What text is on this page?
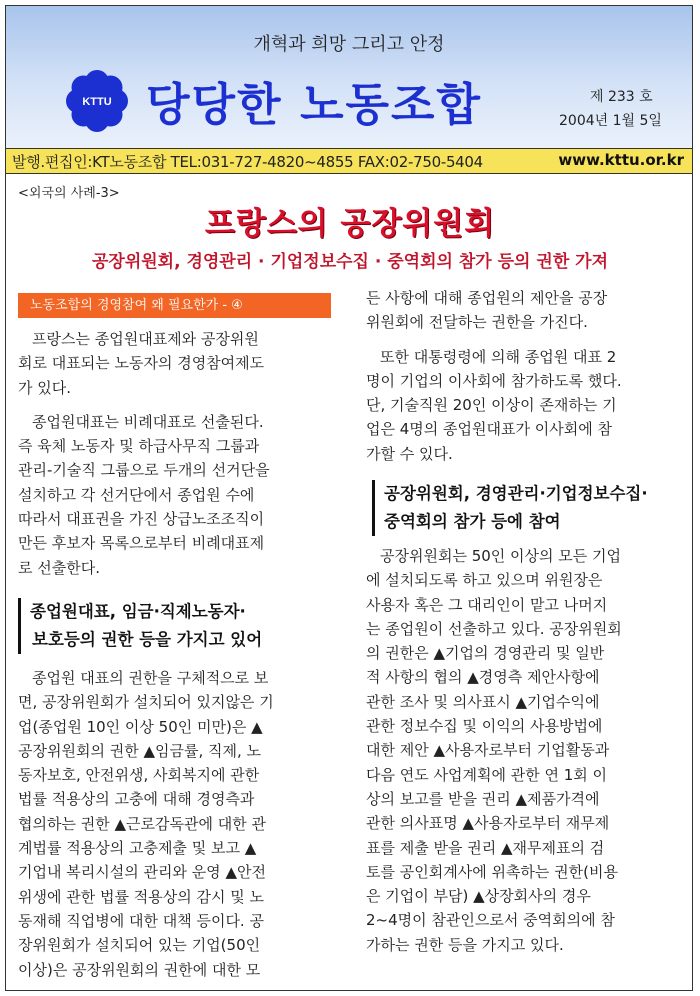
개혁과 희망 그리고 안정
KTTU 당당한 노동조합	제 233 호
2004년 1월 5일
발행.편집인:KT노동조합 TEL:031-727-4820~4855 FAX:02-750-5404	www.kttu.or.kr
<외국의 사례-3>
프랑스의 공장위원회
공장위원회, 경영관리 · 기업정보수집 · 중역회의 참가 등의 권한 가져
노동조합의 경영참여 왜 필요한가 - ④

프랑스는 종업원대표제와 공장위원

회로 대표되는 노동자의 경영참여제도

가 있다.

종업원대표는 비례대표로 선출된다.

즉 육체 노동자 및 하급사무직 그룹과

관리-기술직 그룹으로 두개의 선거단을

설치하고 각 선거단에서 종업원 수에

따라서 대표권을 가진 상급노조조직이

만든 후보자 목록으로부터 비례대표제

로 선출한다.

종업원대표, 임금·직제노동자·
보호등의 권한 등을 가지고 있어

종업원 대표의 권한을 구체적으로 보

면, 공장위원회가 설치되어 있지않은 기

업(종업원 10인 이상 50인 미만)은 ▲

공장위원회의 권한 ▲임금률, 직제, 노

동자보호, 안전위생, 사회복지에 관한

법률 적용상의 고충에 대해 경영측과

협의하는 권한 ▲근로감독관에 대한 관

계법률 적용상의 고충제출 및 보고 ▲

기업내 복리시설의 관리와 운영 ▲안전

위생에 관한 법률 적용상의 감시 및 노

동재해 직업병에 대한 대책 등이다. 공

장위원회가 설치되어 있는 기업(50인

이상)은 공장위원회의 권한에 대한 모

든 사항에 대해 종업원의 제안을 공장

위원회에 전달하는 권한을 가진다.

또한 대통령령에 의해 종업원 대표 2

명이 기업의 이사회에 참가하도록 했다.

단, 기술직원 20인 이상이 존재하는 기

업은 4명의 종업원대표가 이사회에 참

가할 수 있다.

공장위원회, 경영관리·기업정보수집·
중역회의 참가 등에 참여

공장위원회는 50인 이상의 모든 기업

에 설치되도록 하고 있으며 위원장은

사용자 혹은 그 대리인이 맡고 나머지

는 종업원이 선출하고 있다. 공장위원회

의 권한은 ▲기업의 경영관리 및 일반

적 사항의 협의 ▲경영측 제안사항에

관한 조사 및 의사표시 ▲기업수익에

관한 정보수집 및 이익의 사용방법에

대한 제안 ▲사용자로부터 기업활동과

다음 연도 사업계획에 관한 연 1회 이

상의 보고를 받을 권리 ▲제품가격에

관한 의사표명 ▲사용자로부터 재무제

표를 제출 받을 권리 ▲재무제표의 검

토를 공인회계사에 위촉하는 권한(비용

은 기업이 부담) ▲상장회사의 경우

2~4명이 참관인으로서 중역회의에 참

가하는 권한 등을 가지고 있다.
